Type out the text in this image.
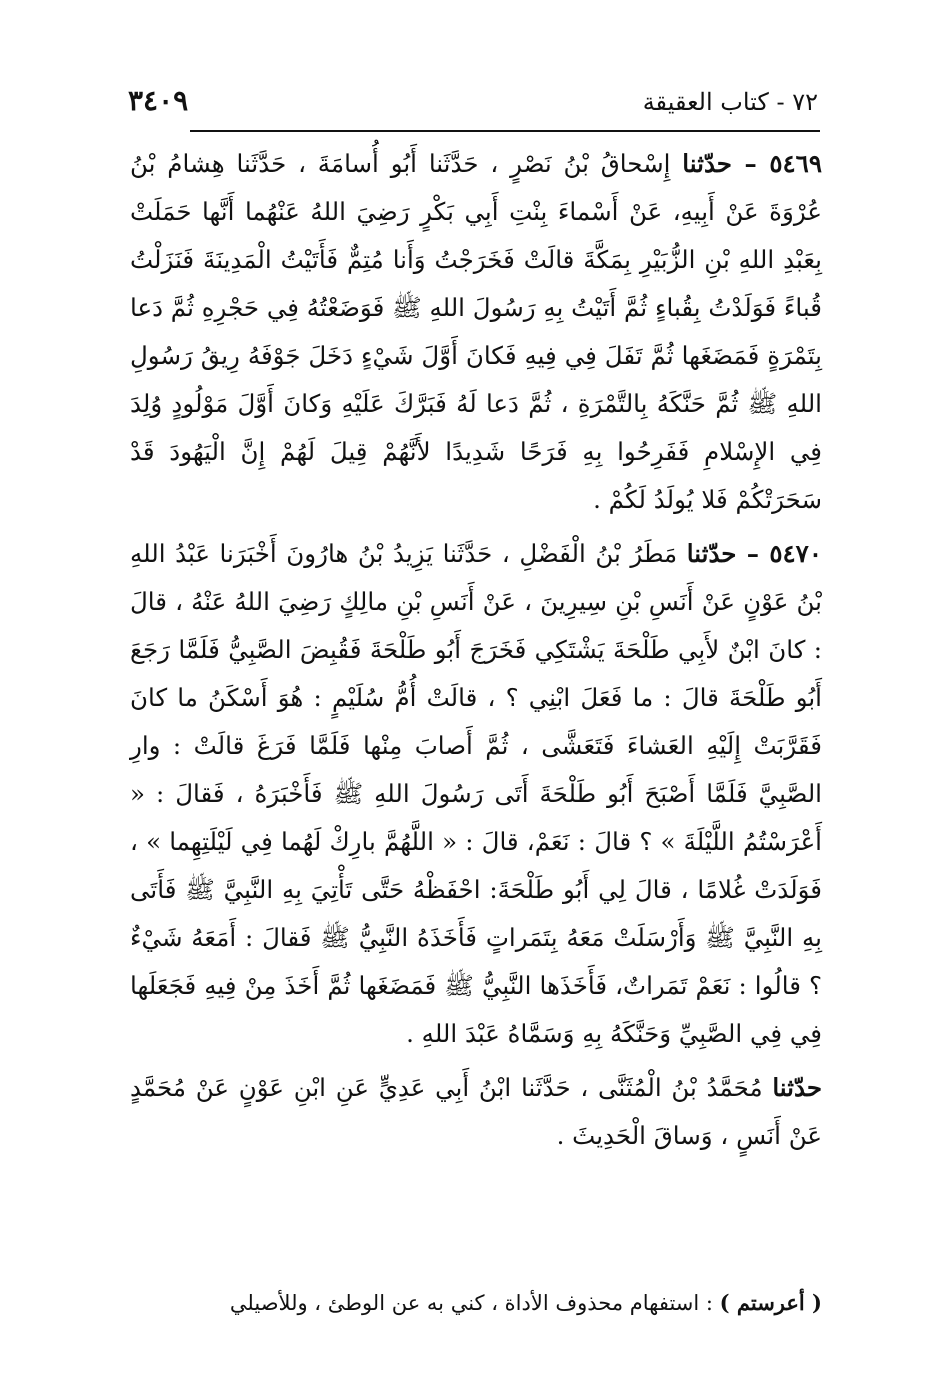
٧٢ - كتاب العقيقة
٣٤٠٩

٥٤٦٩ – حدّثنا إِسْحاقُ بْنُ نَصْرٍ ، حَدَّثَنا أَبُو أُسامَةَ ، حَدَّثَنا هِشامُ بْنُ عُرْوَةَ عَنْ أَبِيهِ، عَنْ أَسْماءَ بِنْتِ أَبِي بَكْرٍ رَضِيَ اللهُ عَنْهُما أَنَّها حَمَلَتْ بِعَبْدِ اللهِ بْنِ الزُّبَيْرِ بِمَكَّةَ قالَتْ فَخَرَجْتُ وَأَنا مُتِمٌّ فَأَتَيْتُ الْمَدِينَةَ فَنَزَلْتُ قُباءً فَوَلَدْتُ بِقُباءٍ ثُمَّ أَتَيْتُ بِهِ رَسُولَ اللهِ ﷺ فَوَضَعْتُهُ فِي حَجْرِهِ ثُمَّ دَعا بِتَمْرَةٍ فَمَضَغَها ثُمَّ تَفَلَ فِي فِيهِ فَكانَ أَوَّلَ شَيْءٍ دَخَلَ جَوْفَهُ رِيقُ رَسُولِ اللهِ ﷺ ثُمَّ حَنَّكَهُ بِالتَّمْرَةِ ، ثُمَّ دَعا لَهُ فَبَرَّكَ عَلَيْهِ وَكانَ أَوَّلَ مَوْلُودٍ وُلِدَ فِي الإِسْلامِ فَفَرِحُوا بِهِ فَرَحًا شَدِيدًا لأَنَّهُمْ قِيلَ لَهُمْ إِنَّ الْيَهُودَ قَدْ سَحَرَتْكُمْ فَلا يُولَدُ لَكُمْ .

٥٤٧٠ – حدّثنا مَطَرُ بْنُ الْفَضْلِ ، حَدَّثَنا يَزِيدُ بْنُ هارُونَ أَخْبَرَنا عَبْدُ اللهِ بْنُ عَوْنٍ عَنْ أَنَسِ بْنِ سِيرِينَ ، عَنْ أَنَسِ بْنِ مالِكٍ رَضِيَ اللهُ عَنْهُ ، قالَ : كانَ ابْنٌ لأَبِي طَلْحَةَ يَشْتَكِي فَخَرَجَ أَبُو طَلْحَةَ فَقُبِضَ الصَّبِيُّ فَلَمَّا رَجَعَ أَبُو طَلْحَةَ قالَ : ما فَعَلَ ابْنِي ؟ ، قالَتْ أُمُّ سُلَيْمٍ : هُوَ أَسْكَنُ ما كانَ فَقَرَّبَتْ إِلَيْهِ العَشاءَ فَتَعَشَّى ، ثُمَّ أَصابَ مِنْها فَلَمَّا فَرَغَ قالَتْ : وارِ الصَّبِيَّ فَلَمَّا أَصْبَحَ أَبُو طَلْحَةَ أَتَى رَسُولَ اللهِ ﷺ فَأَخْبَرَهُ ، فَقالَ : « أَعْرَسْتُمُ اللَّيْلَةَ » ؟ قالَ : نَعَمْ، قالَ : « اللَّهُمَّ بارِكْ لَهُما فِي لَيْلَتِهِما » ، فَوَلَدَتْ غُلامًا ، قالَ لِي أَبُو طَلْحَةَ: احْفَظْهُ حَتَّى تَأْتِيَ بِهِ النَّبِيَّ ﷺ فَأَتَى بِهِ النَّبِيَّ ﷺ وَأَرْسَلَتْ مَعَهُ بِتَمَراتٍ فَأَخَذَهُ النَّبِيُّ ﷺ فَقالَ : أَمَعَهُ شَيْءٌ ؟ قالُوا : نَعَمْ تَمَراتٌ، فَأَخَذَها النَّبِيُّ ﷺ فَمَضَغَها ثُمَّ أَخَذَ مِنْ فِيهِ فَجَعَلَها فِي فِي الصَّبِيِّ وَحَنَّكَهُ بِهِ وَسَمَّاهُ عَبْدَ اللهِ .

حدّثنا مُحَمَّدُ بْنُ الْمُثَنَّى ، حَدَّثَنا ابْنُ أَبِي عَدِيٍّ عَنِ ابْنِ عَوْنٍ عَنْ مُحَمَّدٍ عَنْ أَنَسٍ ، وَساقَ الْحَدِيثَ .

( أعرستم ) : استفهام محذوف الأداة ، كني به عن الوطئ ، وللأصيلي
